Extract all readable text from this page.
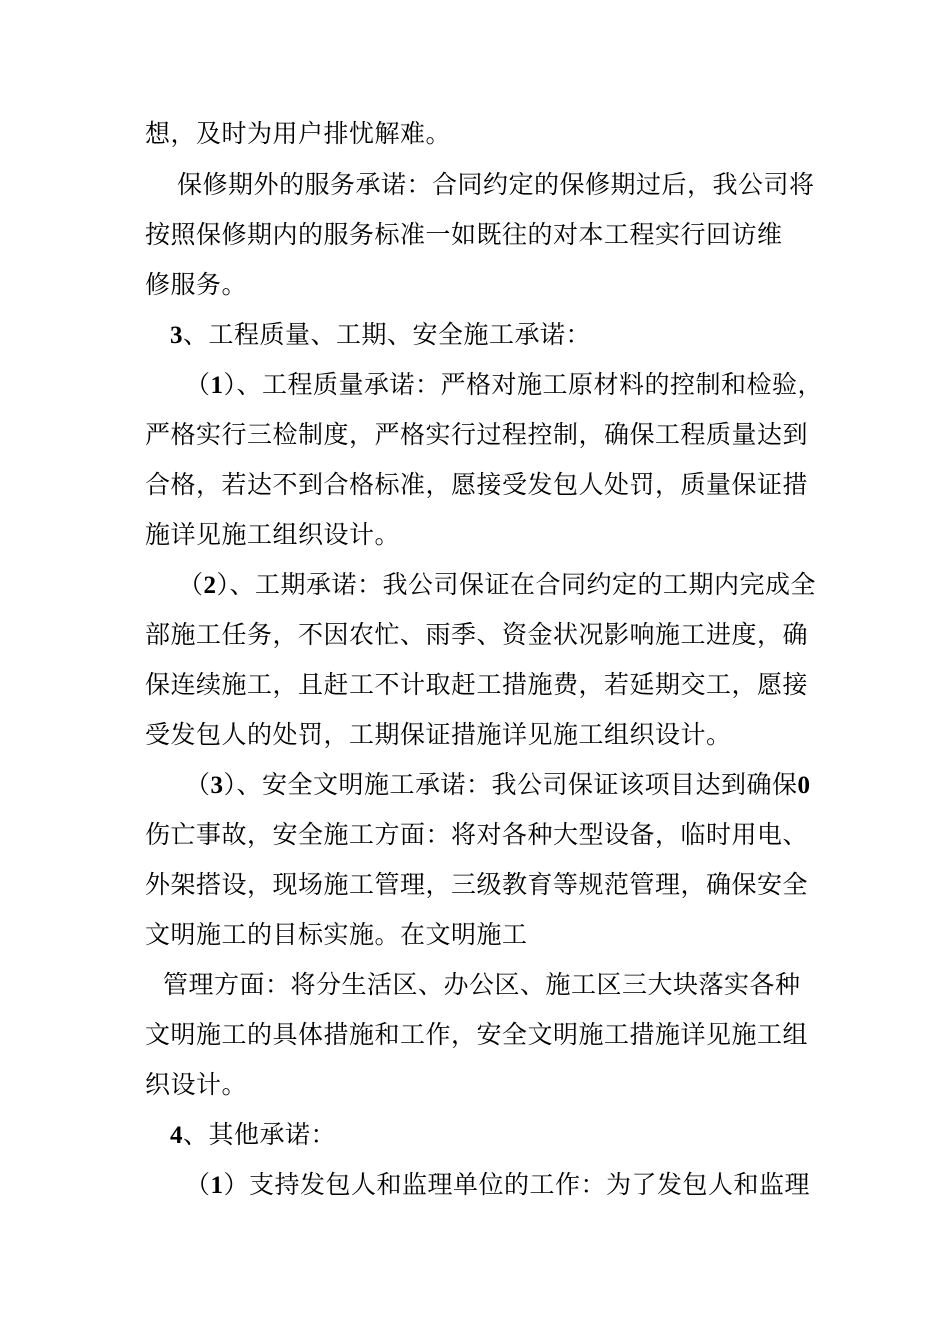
想，及时为用户排忧解难。
保修期外的服务承诺：合同约定的保修期过后，我公司将
按照保修期内的服务标准一如既往的对本工程实行回访维
修服务。
3、工程质量、工期、安全施工承诺：
（1）、工程质量承诺：严格对施工原材料的控制和检验，
严格实行三检制度，严格实行过程控制，确保工程质量达到
合格，若达不到合格标准，愿接受发包人处罚，质量保证措
施详见施工组织设计。
（2）、工期承诺：我公司保证在合同约定的工期内完成全
部施工任务，不因农忙、雨季、资金状况影响施工进度，确
保连续施工，且赶工不计取赶工措施费，若延期交工，愿接
受发包人的处罚，工期保证措施详见施工组织设计。
（3）、安全文明施工承诺：我公司保证该项目达到确保0
伤亡事故，安全施工方面：将对各种大型设备，临时用电、
外架搭设，现场施工管理，三级教育等规范管理，确保安全
文明施工的目标实施。在文明施工
管理方面：将分生活区、办公区、施工区三大块落实各种
文明施工的具体措施和工作，安全文明施工措施详见施工组
织设计。
4、其他承诺：
（1）支持发包人和监理单位的工作：为了发包人和监理
